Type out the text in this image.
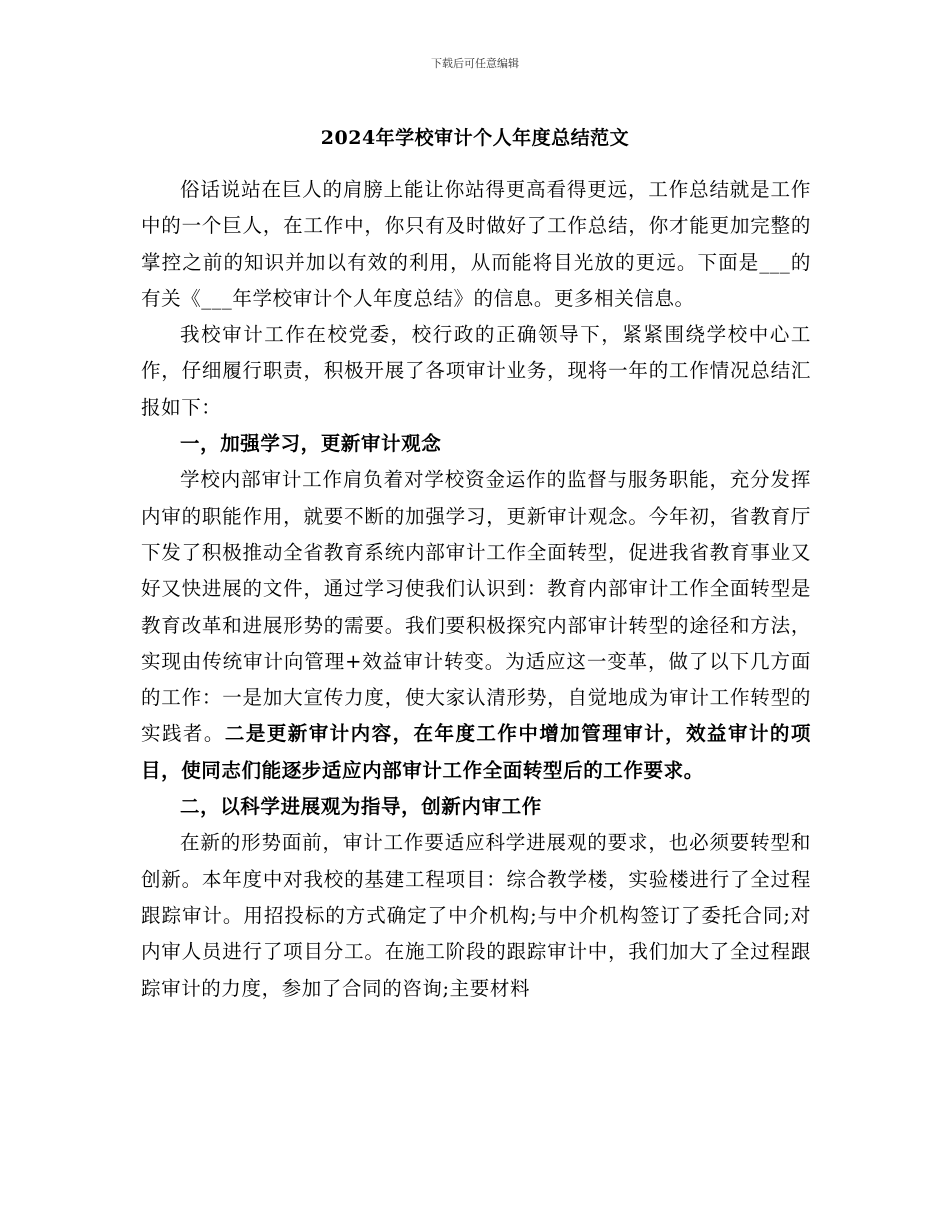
下载后可任意编辑
2024年学校审计个人年度总结范文

俗话说站在巨人的肩膀上能让你站得更高看得更远，工作总结就是工作中的一个巨人，在工作中，你只有及时做好了工作总结，你才能更加完整的掌控之前的知识并加以有效的利用，从而能将目光放的更远。下面是___的有关《___年学校审计个人年度总结》的信息。更多相关信息。

我校审计工作在校党委，校行政的正确领导下，紧紧围绕学校中心工作，仔细履行职责，积极开展了各项审计业务，现将一年的工作情况总结汇报如下：

一，加强学习，更新审计观念

学校内部审计工作肩负着对学校资金运作的监督与服务职能，充分发挥内审的职能作用，就要不断的加强学习，更新审计观念。今年初，省教育厅下发了积极推动全省教育系统内部审计工作全面转型，促进我省教育事业又好又快进展的文件，通过学习使我们认识到：教育内部审计工作全面转型是教育改革和进展形势的需要。我们要积极探究内部审计转型的途径和方法，实现由传统审计向管理+效益审计转变。为适应这一变革，做了以下几方面的工作：一是加大宣传力度，使大家认清形势，自觉地成为审计工作转型的实践者。二是更新审计内容，在年度工作中增加管理审计，效益审计的项目，使同志们能逐步适应内部审计工作全面转型后的工作要求。

二，以科学进展观为指导，创新内审工作

在新的形势面前，审计工作要适应科学进展观的要求，也必须要转型和创新。本年度中对我校的基建工程项目：综合教学楼，实验楼进行了全过程跟踪审计。用招投标的方式确定了中介机构;与中介机构签订了委托合同;对内审人员进行了项目分工。在施工阶段的跟踪审计中，我们加大了全过程跟踪审计的力度，参加了合同的咨询;主要材料
